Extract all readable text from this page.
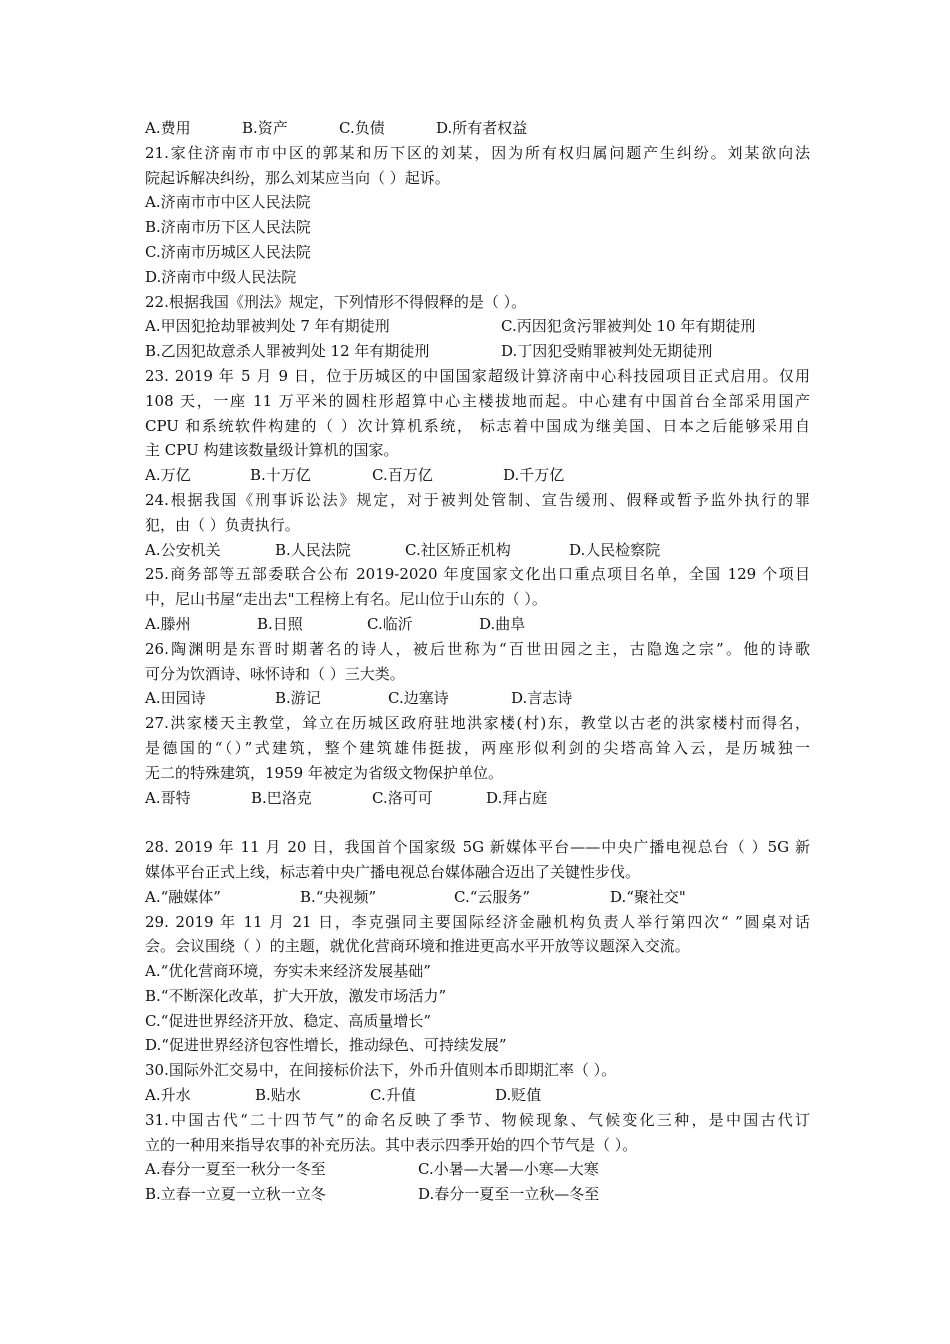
A.费用	B.资产	C.负债	D.所有者权益
21.家住济南市市中区的郭某和历下区的刘某，因为所有权归属问题产生纠纷。刘某欲向法
院起诉解决纠纷，那么刘某应当向（ ）起诉。
A.济南市市中区人民法院
B.济南市历下区人民法院
C.济南市历城区人民法院
D.济南市中级人民法院
22.根据我国《刑法》规定，下列情形不得假释的是（ ）。
A.甲因犯抢劫罪被判处 7 年有期徒刑	C.丙因犯贪污罪被判处 10 年有期徒刑
B.乙因犯故意杀人罪被判处 12 年有期徒刑	D.丁因犯受贿罪被判处无期徒刑
23. 2019 年 5 月 9 日，位于历城区的中国国家超级计算济南中心科技园项目正式启用。仅用
108 天，一座 11 万平米的圆柱形超算中心主楼拔地而起。中心建有中国首台全部采用国产
CPU 和系统软件构建的（ ）次计算机系统， 标志着中国成为继美国、日本之后能够采用自
主 CPU 构建该数量级计算机的国家。
A.万亿	B.十万亿	C.百万亿	D.千万亿
24.根据我国《刑事诉讼法》规定，对于被判处管制、宣告缓刑、假释或暂予监外执行的罪
犯，由（ ）负责执行。
A.公安机关	B.人民法院	C.社区矫正机构	D.人民检察院
25.商务部等五部委联合公布 2019-2020 年度国家文化出口重点项目名单，全国 129 个项目
中，尼山书屋“走出去"工程榜上有名。尼山位于山东的（ ）。
A.滕州	B.日照	C.临沂	D.曲阜
26.陶渊明是东晋时期著名的诗人，被后世称为“百世田园之主，古隐逸之宗”。他的诗歌
可分为饮酒诗、咏怀诗和（ ）三大类。
A.田园诗	B.游记	C.边塞诗	D.言志诗
27.洪家楼天主教堂，耸立在历城区政府驻地洪家楼(村)东，教堂以古老的洪家楼村而得名，
是德国的“（）”式建筑，整个建筑雄伟挺拔，两座形似利剑的尖塔高耸入云，是历城独一
无二的特殊建筑，1959 年被定为省级文物保护单位。
A.哥特	B.巴洛克	C.洛可可	D.拜占庭
28. 2019 年 11 月 20 日，我国首个国家级 5G 新媒体平台——中央广播电视总台（ ）5G 新
媒体平台正式上线，标志着中央广播电视总台媒体融合迈出了关键性步伐。
A.“融媒体”	B.“央视频”	C.“云服务”	D.“聚社交"
29. 2019 年 11 月 21 日，李克强同主要国际经济金融机构负责人举行第四次“ ”圆桌对话
会。会议围绕（ ）的主题，就优化营商环境和推进更高水平开放等议题深入交流。
A.“优化营商环境，夯实未来经济发展基础”
B.“不断深化改革，扩大开放，激发市场活力”
C.“促进世界经济开放、稳定、高质量增长”
D.“促进世界经济包容性增长，推动绿色、可持续发展”
30.国际外汇交易中，在间接标价法下，外币升值则本币即期汇率（ ）。
A.升水	B.贴水	C.升值	D.贬值
31.中国古代“二十四节气”的命名反映了季节、物候现象、气候变化三种，是中国古代订
立的一种用来指导农事的补充历法。其中表示四季开始的四个节气是（ ）。
A.春分一夏至一秋分一冬至	C.小暑—大暑—小寒—大寒
B.立春一立夏一立秋一立冬	D.春分一夏至一立秋—冬至
